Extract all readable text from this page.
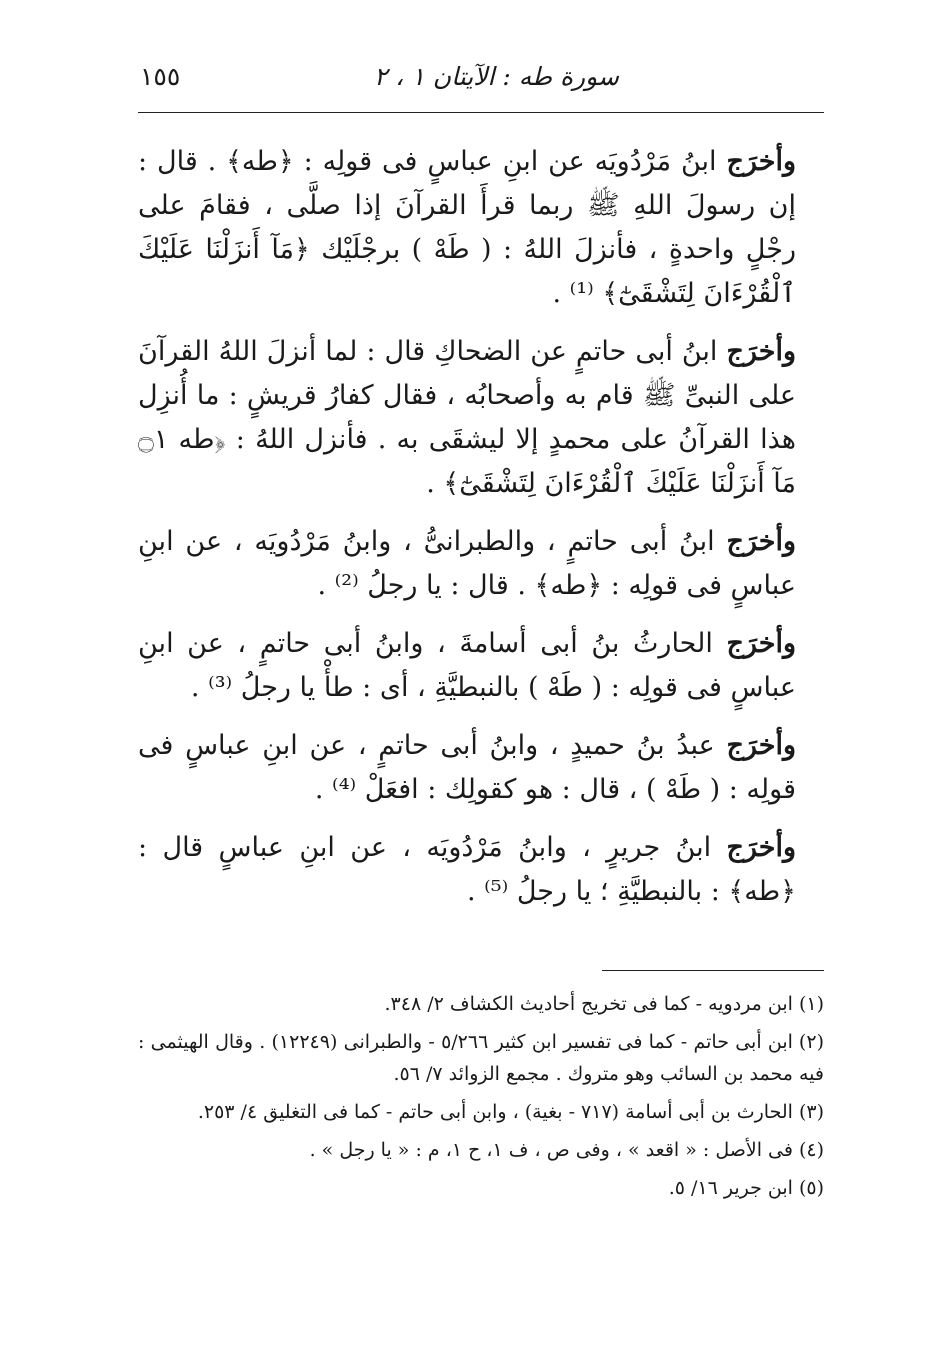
سورة طه : الآيتان ١ ، ٢
١٥٥

وأخرَج ابنُ مَرْدُويَه عن ابنِ عباسٍ فى قولِه : ﴿طه﴾ . قال : إن رسولَ اللهِ ﷺ ربما قرأَ القرآنَ إذا صلَّى ، فقامَ على رجْلٍ واحدةٍ ، فأنزلَ اللهُ : ( طَهْ ) برجْلَيْك ﴿مَآ أَنزَلْنَا عَلَيْكَ ٱلْقُرْءَانَ لِتَشْقَىٰٓ﴾ ⁽¹⁾ .

وأخرَج ابنُ أبى حاتمٍ عن الضحاكِ قال : لما أنزلَ اللهُ القرآنَ على النبىِّ ﷺ قام به وأصحابُه ، فقال كفارُ قريشٍ : ما أُنزِل هذا القرآنُ على محمدٍ إلا ليشقَى به . فأنزل اللهُ : ﴿طه ۝١ مَآ أَنزَلْنَا عَلَيْكَ ٱلْقُرْءَانَ لِتَشْقَىٰٓ﴾ .

وأخرَج ابنُ أبى حاتمٍ ، والطبرانىُّ ، وابنُ مَرْدُويَه ، عن ابنِ عباسٍ فى قولِه : ﴿طه﴾ . قال : يا رجلُ ⁽²⁾ .

وأخرَج الحارثُ بنُ أبى أسامةَ ، وابنُ أبى حاتمٍ ، عن ابنِ عباسٍ فى قولِه : ( طَهْ ) بالنبطيَّةِ ، أى : طأْ يا رجلُ ⁽³⁾ .

وأخرَج عبدُ بنُ حميدٍ ، وابنُ أبى حاتمٍ ، عن ابنِ عباسٍ فى قولِه : ( طَهْ ) ، قال : هو كقولِك : افعَلْ ⁽⁴⁾ .

وأخرَج ابنُ جريرٍ ، وابنُ مَرْدُويَه ، عن ابنِ عباسٍ قال : ﴿طه﴾ : بالنبطيَّةِ ؛ يا رجلُ ⁽⁵⁾ .

(١)ابن مردويه - كما فى تخريج أحاديث الكشاف ٢/ ٣٤٨.

(٢)ابن أبى حاتم - كما فى تفسير ابن كثير ٥/٢٦٦ - والطبرانى (١٢٢٤٩) . وقال الهيثمى : فيه محمد بن السائب وهو متروك . مجمع الزوائد ٧/ ٥٦.

(٣)الحارث بن أبى أسامة (٧١٧ - بغية) ، وابن أبى حاتم - كما فى التغليق ٤/ ٢٥٣.

(٤)فى الأصل : « اقعد » ، وفى ص ، ف ١، ح ١، م : « يا رجل » .

(٥)ابن جرير ١٦/ ٥.
